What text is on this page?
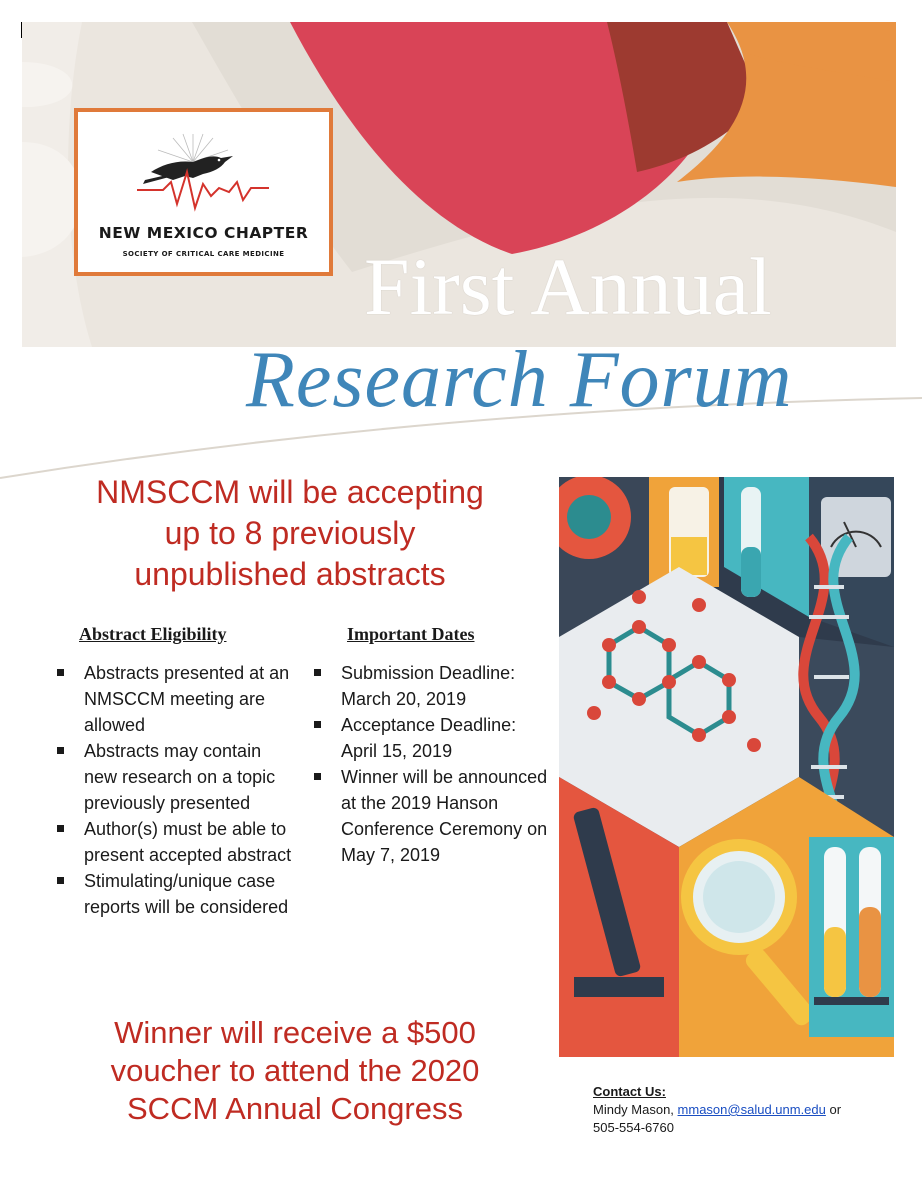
NEW MEXICO CHAPTER
SOCIETY OF CRITICAL CARE MEDICINE First Annual
Research Forum
NMSCCM will be accepting
up to 8 previously
unpublished abstracts
Abstract Eligibility
Abstracts presented at an NMSCCM meeting are allowed
Abstracts may contain new research on a topic previously presented
Author(s) must be able to present accepted abstract
Stimulating/unique case reports will be considered
Important Dates
Submission Deadline: March 20, 2019
Acceptance Deadline: April 15, 2019
Winner will be announced at the 2019 Hanson Conference Ceremony on May 7, 2019
Winner will receive a $500
voucher to attend the 2020
SCCM Annual Congress	Contact Us:
Mindy Mason, mmason@salud.unm.edu or
505-554-6760
